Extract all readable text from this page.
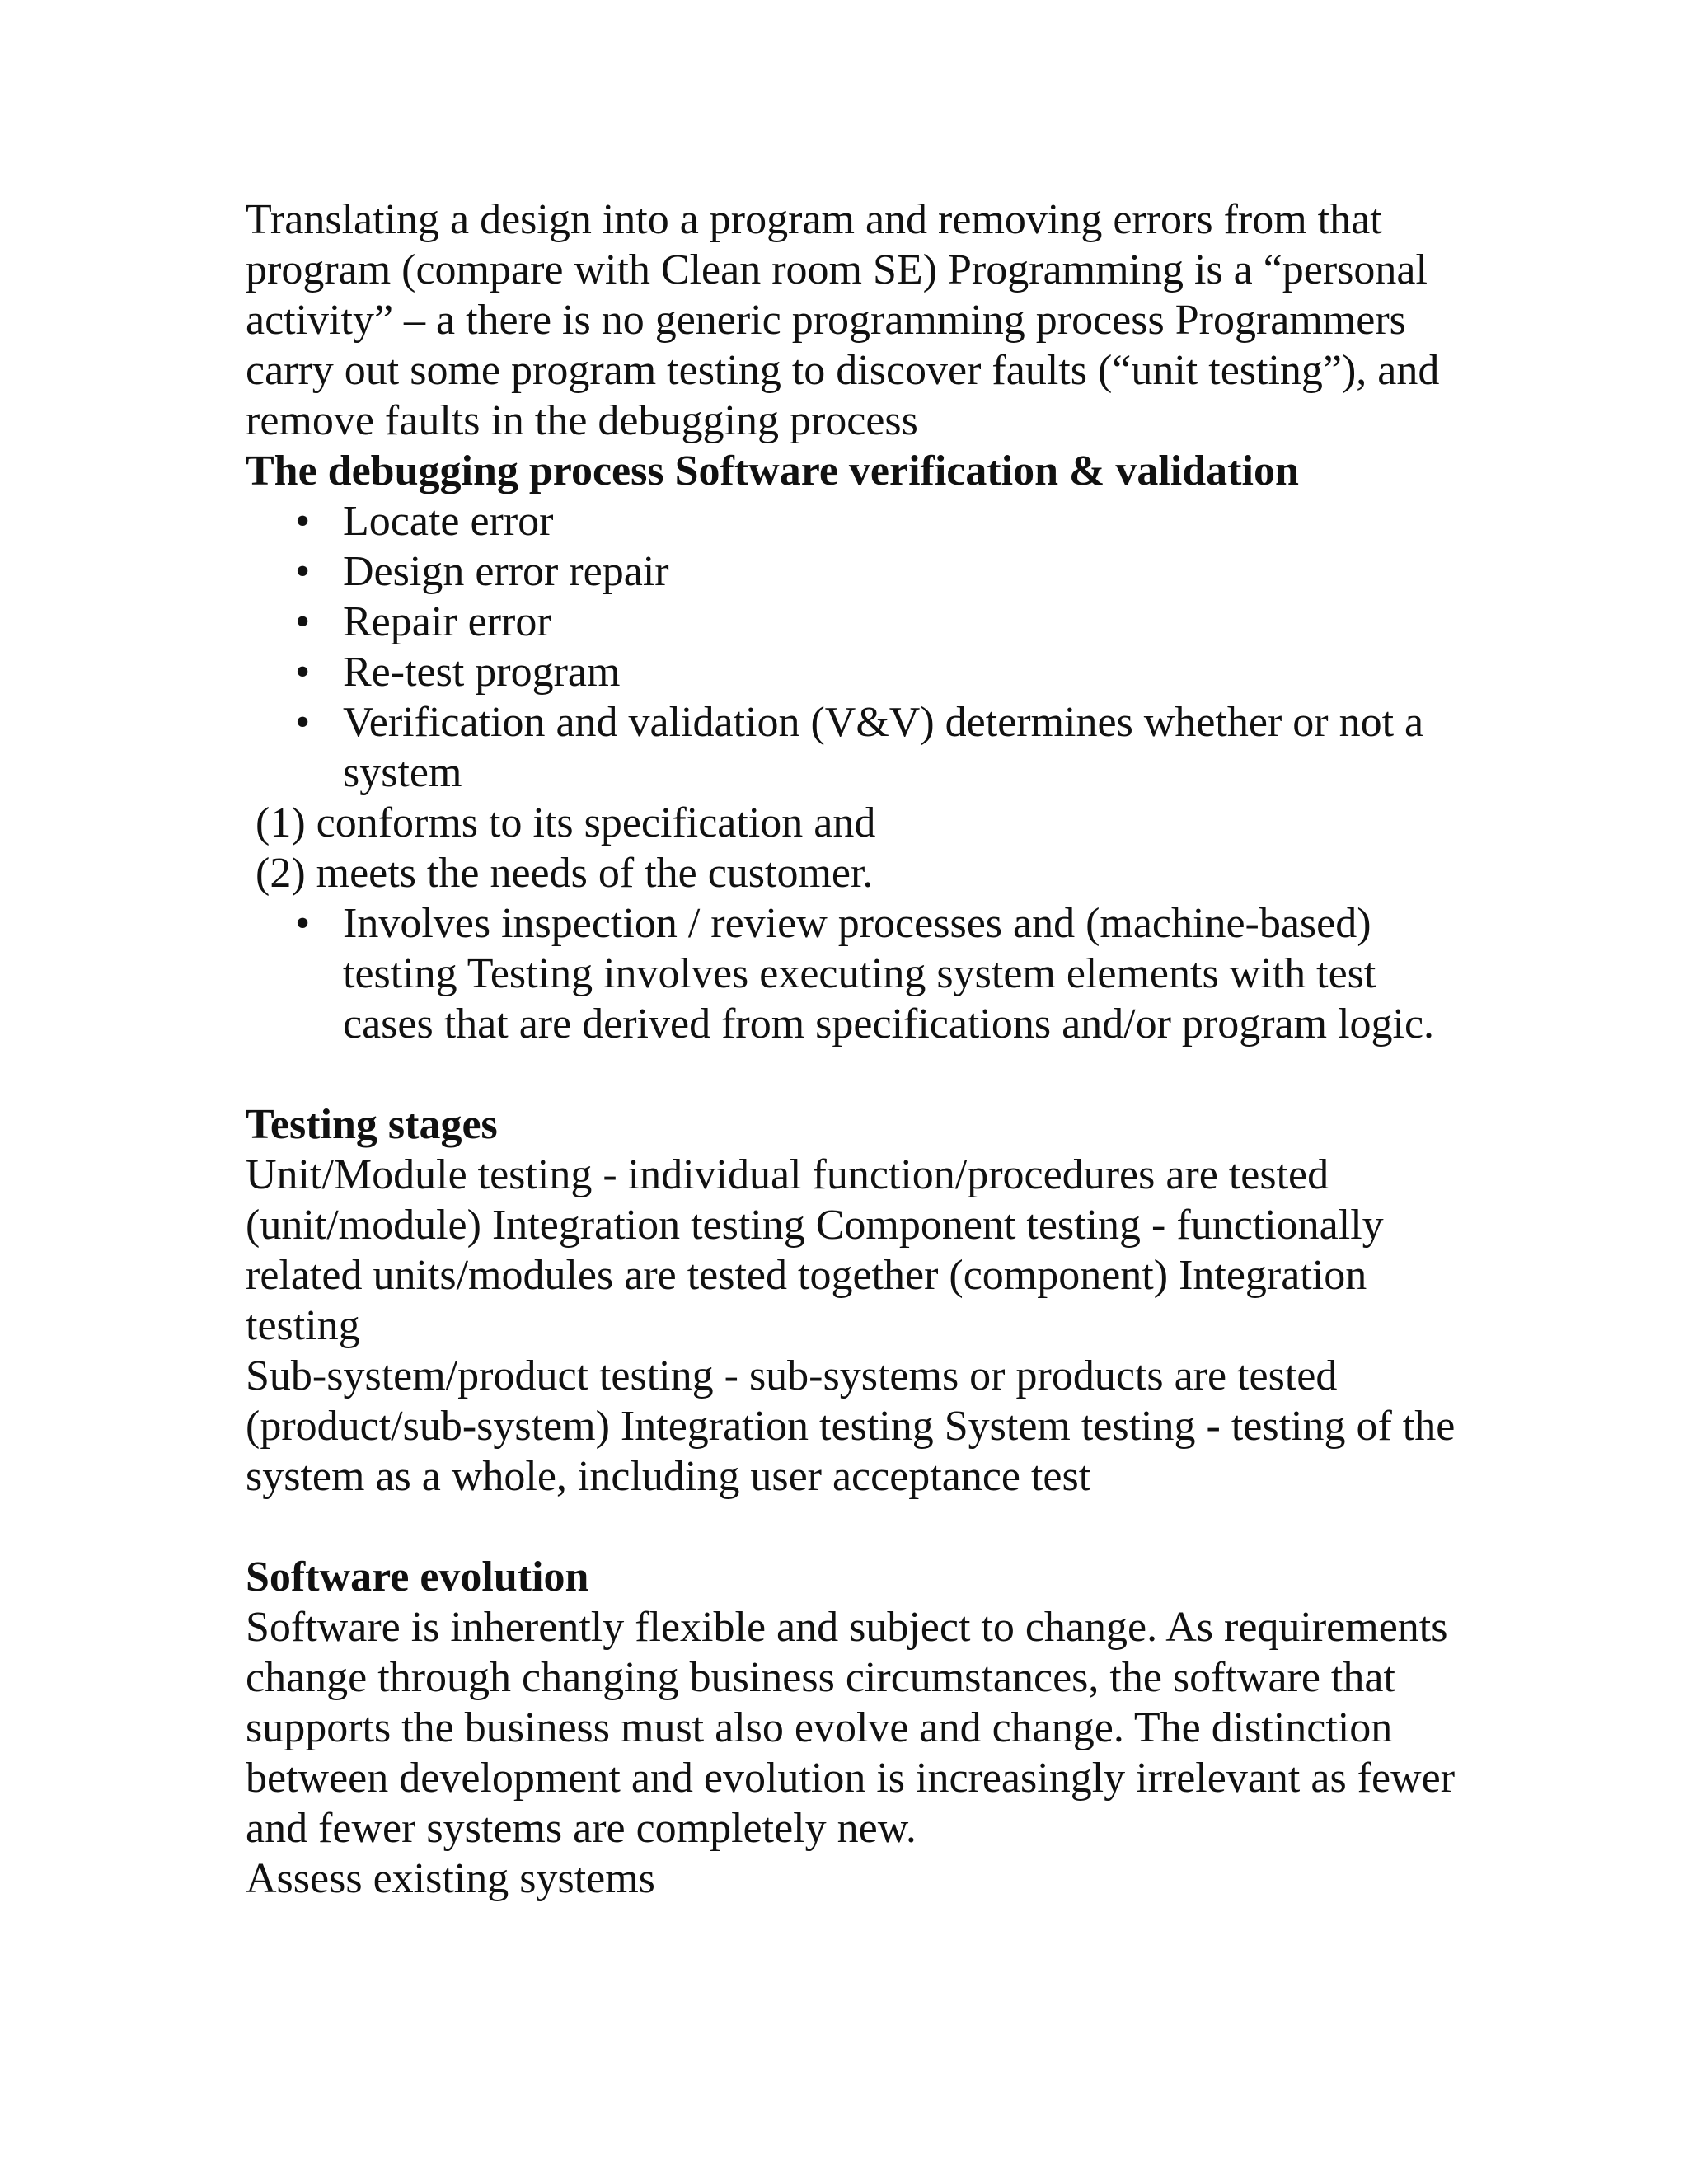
Translating a design into a program and removing errors from that program (compare with Clean room SE) Programming is a “personal activity” – a there is no generic programming process Programmers carry out some program testing to discover faults (“unit testing”), and remove faults in the debugging process

The debugging process Software verification & validation

• Locate error
• Design error repair
• Repair error
• Re-test program
• Verification and validation (V&V) determines whether or not a system

(1) conforms to its specification and

(2) meets the needs of the customer.

• Involves inspection / review processes and (machine-based) testing Testing involves executing system elements with test cases that are derived from specifications and/or program logic.

Testing stages

Unit/Module testing - individual function/procedures are tested (unit/module) Integration testing Component testing - functionally related units/modules are tested together (component) Integration testing

Sub-system/product testing - sub-systems or products are tested (product/sub-system) Integration testing System testing - testing of the system as a whole, including user acceptance test

Software evolution

Software is inherently flexible and subject to change. As requirements change through changing business circumstances, the software that supports the business must also evolve and change. The distinction between development and evolution is increasingly irrelevant as fewer and fewer systems are completely new.

Assess existing systems
